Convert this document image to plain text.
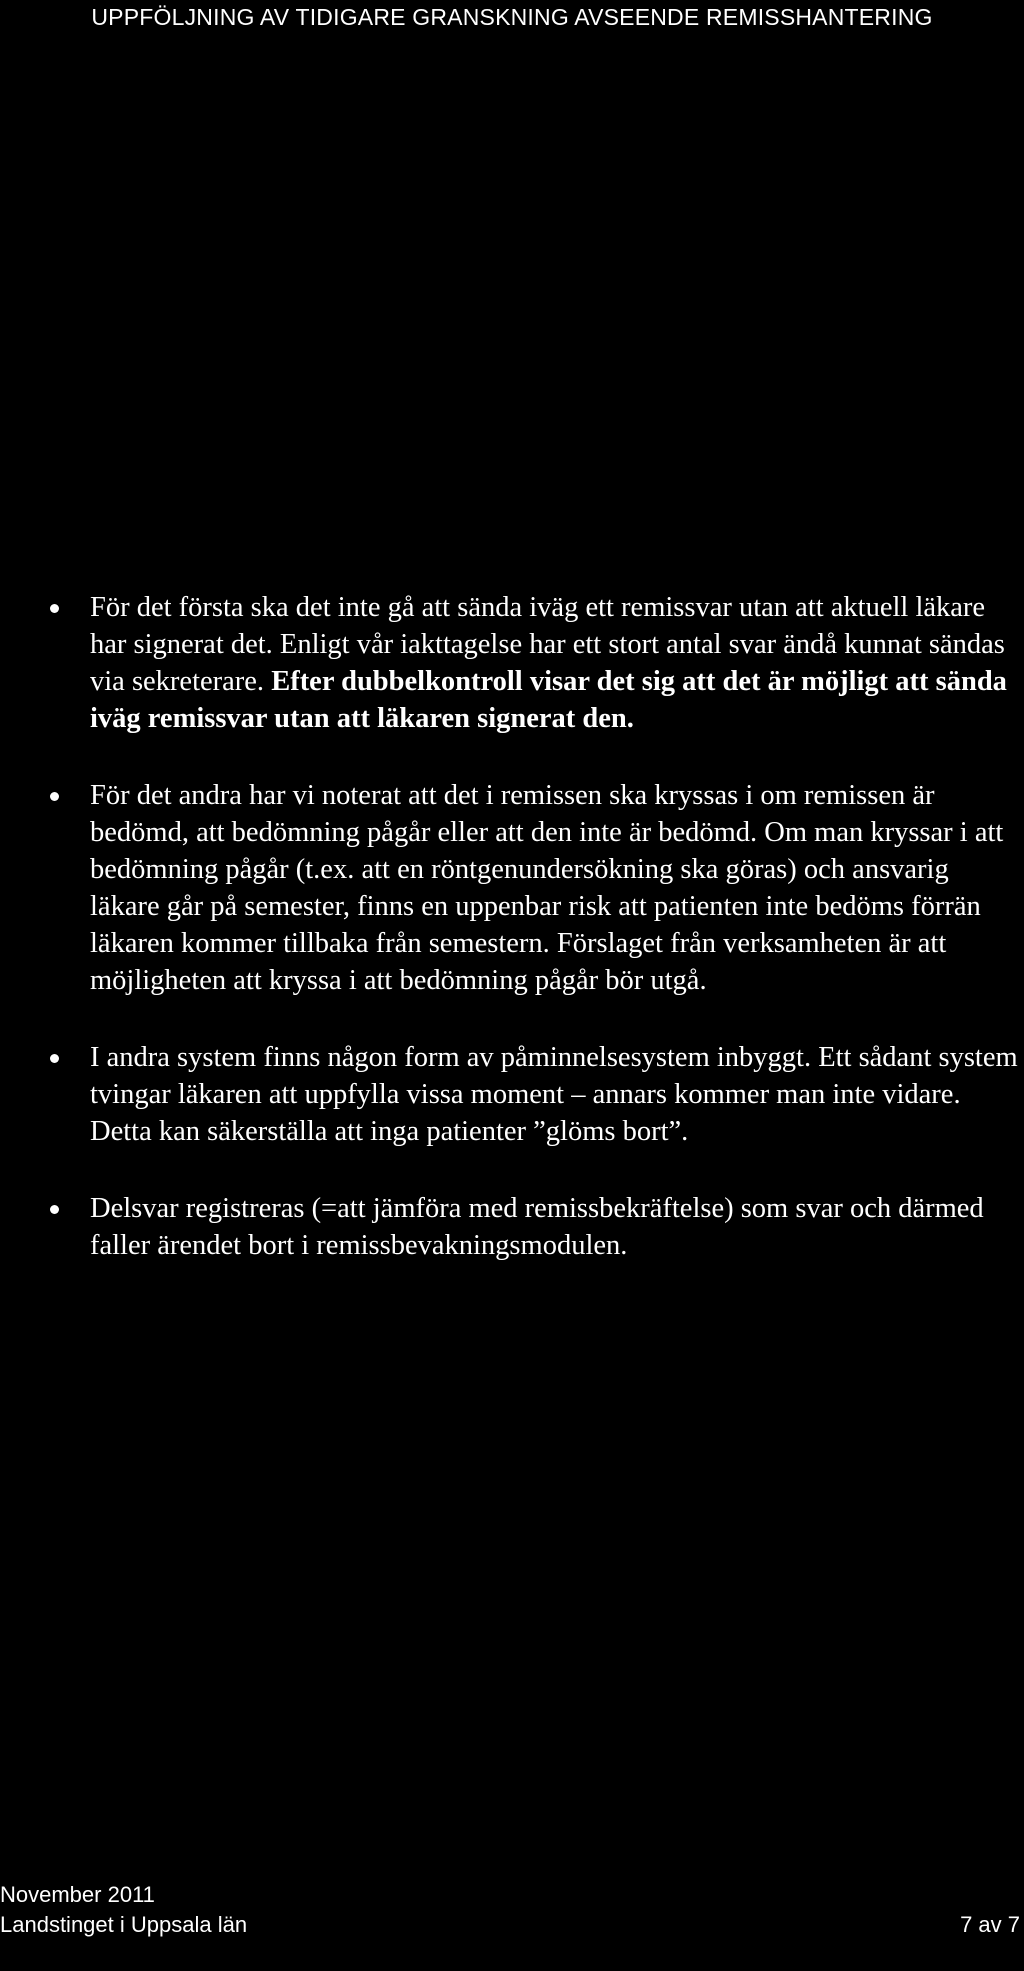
UPPFÖLJNING AV TIDIGARE GRANSKNING AVSEENDE REMISSHANTERING
För det första ska det inte gå att sända iväg ett remissvar utan att aktuell läkare har signerat det. Enligt vår iakttagelse har ett stort antal svar ändå kunnat sändas via sekreterare. Efter dubbelkontroll visar det sig att det är möjligt att sända iväg remissvar utan att läkaren signerat den.
För det andra har vi noterat att det i remissen ska kryssas i om remissen är bedömd, att bedömning pågår eller att den inte är bedömd. Om man kryssar i att bedömning pågår (t.ex. att en röntgenundersökning ska göras) och ansvarig läkare går på semester, finns en uppenbar risk att patienten inte bedöms förrän läkaren kommer tillbaka från semestern. Förslaget från verksamheten är att möjligheten att kryssa i att bedömning pågår bör utgå.
I andra system finns någon form av påminnelsesystem inbyggt. Ett sådant system tvingar läkaren att uppfylla vissa moment – annars kommer man inte vidare. Detta kan säkerställa att inga patienter ”glöms bort”.
Delsvar registreras (=att jämföra med remissbekräftelse) som svar och därmed faller ärendet bort i remissbevakningsmodulen.
November 2011
Landstinget i Uppsala län	7 av 7
